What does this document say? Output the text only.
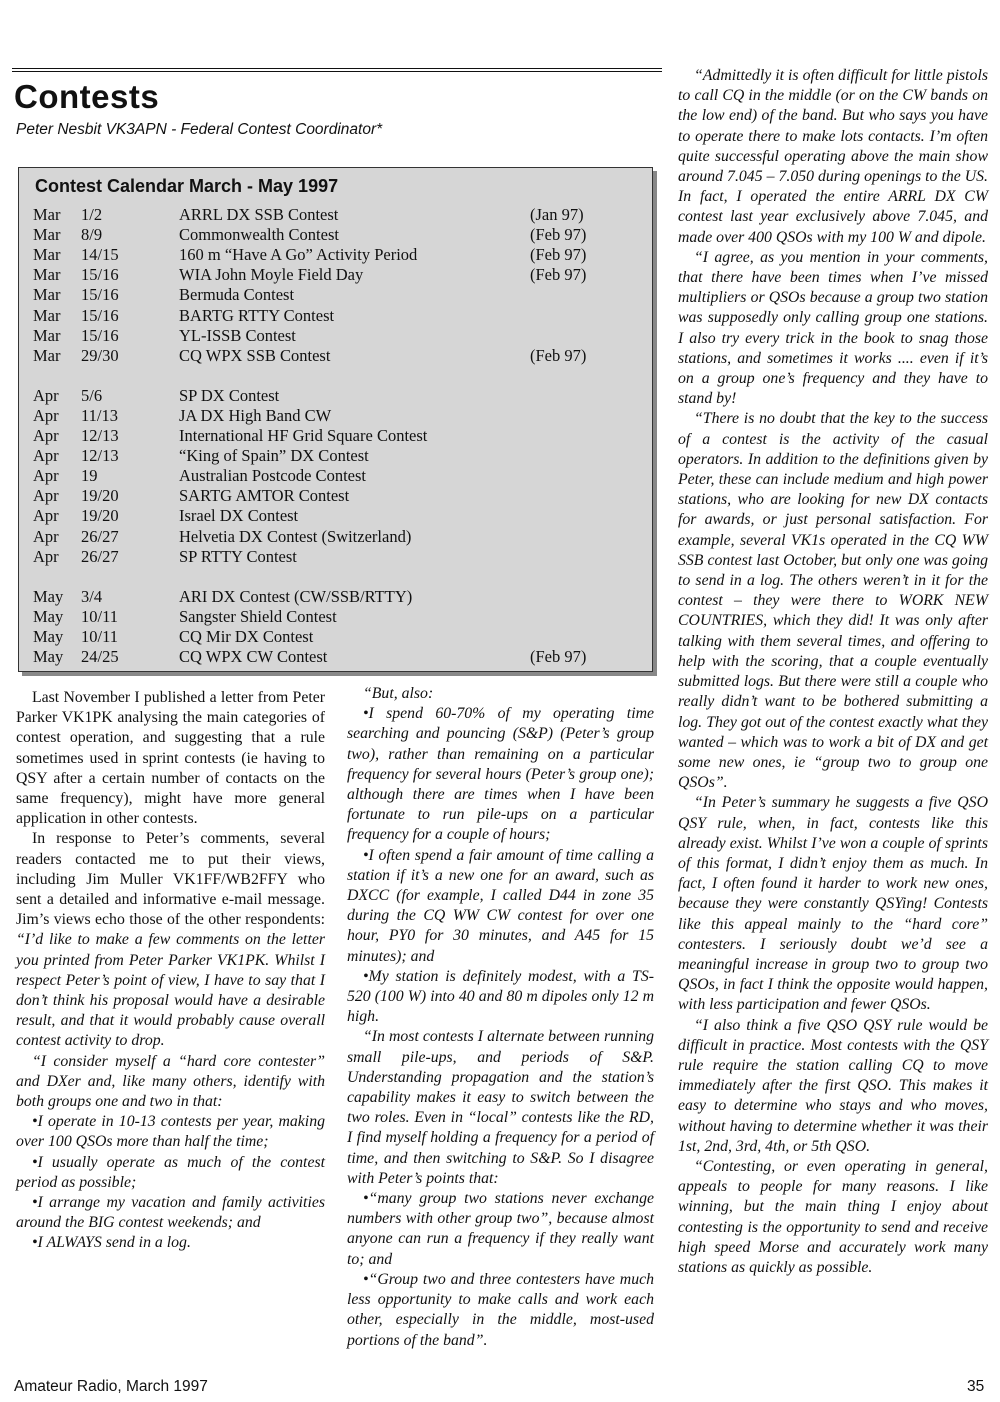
Contests
Peter Nesbit VK3APN - Federal Contest Coordinator*
Contest Calendar March - May 1997
Mar 1/2	ARRL DX SSB Contest	(Jan 97)
Mar 8/9	Commonwealth Contest	(Feb 97)
Mar 14/15	160 m “Have A Go” Activity Period	(Feb 97)
Mar 15/16	WIA John Moyle Field Day	(Feb 97)
Mar 15/16	Bermuda Contest
Mar 15/16	BARTG RTTY Contest
Mar 15/16	YL-ISSB Contest
Mar 29/30	CQ WPX SSB Contest	(Feb 97)
Apr 5/6	SP DX Contest
Apr 11/13	JA DX High Band CW
Apr 12/13	International HF Grid Square Contest
Apr 12/13	“King of Spain” DX Contest
Apr 19	Australian Postcode Contest
Apr 19/20	SARTG AMTOR Contest
Apr 19/20	Israel DX Contest
Apr 26/27	Helvetia DX Contest (Switzerland)
Apr 26/27	SP RTTY Contest
May 3/4	ARI DX Contest (CW/SSB/RTTY)
May 10/11	Sangster Shield Contest
May 10/11	CQ Mir DX Contest
May 24/25	CQ WPX CW Contest	(Feb 97)

Last November I published a letter from Peter Parker VK1PK analysing the main categories of contest operation, and suggesting that a rule sometimes used in sprint contests (ie having to QSY after a certain number of contacts on the same frequency), might have more general application in other contests.

In response to Peter’s comments, several readers contacted me to put their views, including Jim Muller VK1FF/WB2FFY who sent a detailed and informative e-mail message. Jim’s views echo those of the other respondents: “I’d like to make a few comments on the letter you printed from Peter Parker VK1PK. Whilst I respect Peter’s point of view, I have to say that I don’t think his proposal would have a desirable result, and that it would probably cause overall contest activity to drop.

“I consider myself a “hard core contester” and DXer and, like many others, identify with both groups one and two in that:

•I operate in 10-13 contests per year, making over 100 QSOs more than half the time;

•I usually operate as much of the contest period as possible;

•I arrange my vacation and family activities around the BIG contest weekends; and

•I ALWAYS send in a log.

“But, also:

•I spend 60-70% of my operating time searching and pouncing (S&P) (Peter’s group two), rather than remaining on a particular frequency for several hours (Peter’s group one); although there are times when I have been fortunate to run pile-ups on a particular frequency for a couple of hours;

•I often spend a fair amount of time calling a station if it’s a new one for an award, such as DXCC (for example, I called D44 in zone 35 during the CQ WW CW contest for over one hour, PY0 for 30 minutes, and A45 for 15 minutes); and

•My station is definitely modest, with a TS-520 (100 W) into 40 and 80 m dipoles only 12 m high.

“In most contests I alternate between running small pile-ups, and periods of S&P. Understanding propagation and the station’s capability makes it easy to switch between the two roles. Even in “local” contests like the RD, I find myself holding a frequency for a period of time, and then switching to S&P. So I disagree with Peter’s points that:

•“many group two stations never exchange numbers with other group two”, because almost anyone can run a frequency if they really want to; and

•“Group two and three contesters have much less opportunity to make calls and work each other, especially in the middle, most-used portions of the band”.

“Admittedly it is often difficult for little pistols to call CQ in the middle (or on the CW bands on the low end) of the band. But who says you have to operate there to make lots contacts. I’m often quite successful operating above the main show around 7.045 – 7.050 during openings to the US. In fact, I operated the entire ARRL DX CW contest last year exclusively above 7.045, and made over 400 QSOs with my 100 W and dipole.

“I agree, as you mention in your comments, that there have been times when I’ve missed multipliers or QSOs because a group two station was supposedly only calling group one stations. I also try every trick in the book to snag those stations, and sometimes it works .... even if it’s on a group one’s frequency and they have to stand by!

“There is no doubt that the key to the success of a contest is the activity of the casual operators. In addition to the definitions given by Peter, these can include medium and high power stations, who are looking for new DX contacts for awards, or just personal satisfaction. For example, several VK1s operated in the CQ WW SSB contest last October, but only one was going to send in a log. The others weren’t in it for the contest – they were there to WORK NEW COUNTRIES, which they did! It was only after talking with them several times, and offering to help with the scoring, that a couple eventually submitted logs. But there were still a couple who really didn’t want to be bothered submitting a log. They got out of the contest exactly what they wanted – which was to work a bit of DX and get some new ones, ie “group two to group one QSOs”.

“In Peter’s summary he suggests a five QSO QSY rule, when, in fact, contests like this already exist. Whilst I’ve won a couple of sprints of this format, I didn’t enjoy them as much. In fact, I often found it harder to work new ones, because they were constantly QSYing! Contests like this appeal mainly to the “hard core” contesters. I seriously doubt we’d see a meaningful increase in group two to group two QSOs, in fact I think the opposite would happen, with less participation and fewer QSOs.

“I also think a five QSO QSY rule would be difficult in practice. Most contests with the QSY rule require the station calling CQ to move immediately after the first QSO. This makes it easy to determine who stays and who moves, without having to determine whether it was their 1st, 2nd, 3rd, 4th, or 5th QSO.

“Contesting, or even operating in general, appeals to people for many reasons. I like winning, but the main thing I enjoy about contesting is the opportunity to send and receive high speed Morse and accurately work many stations as quickly as possible.

Amateur Radio, March 1997	35
